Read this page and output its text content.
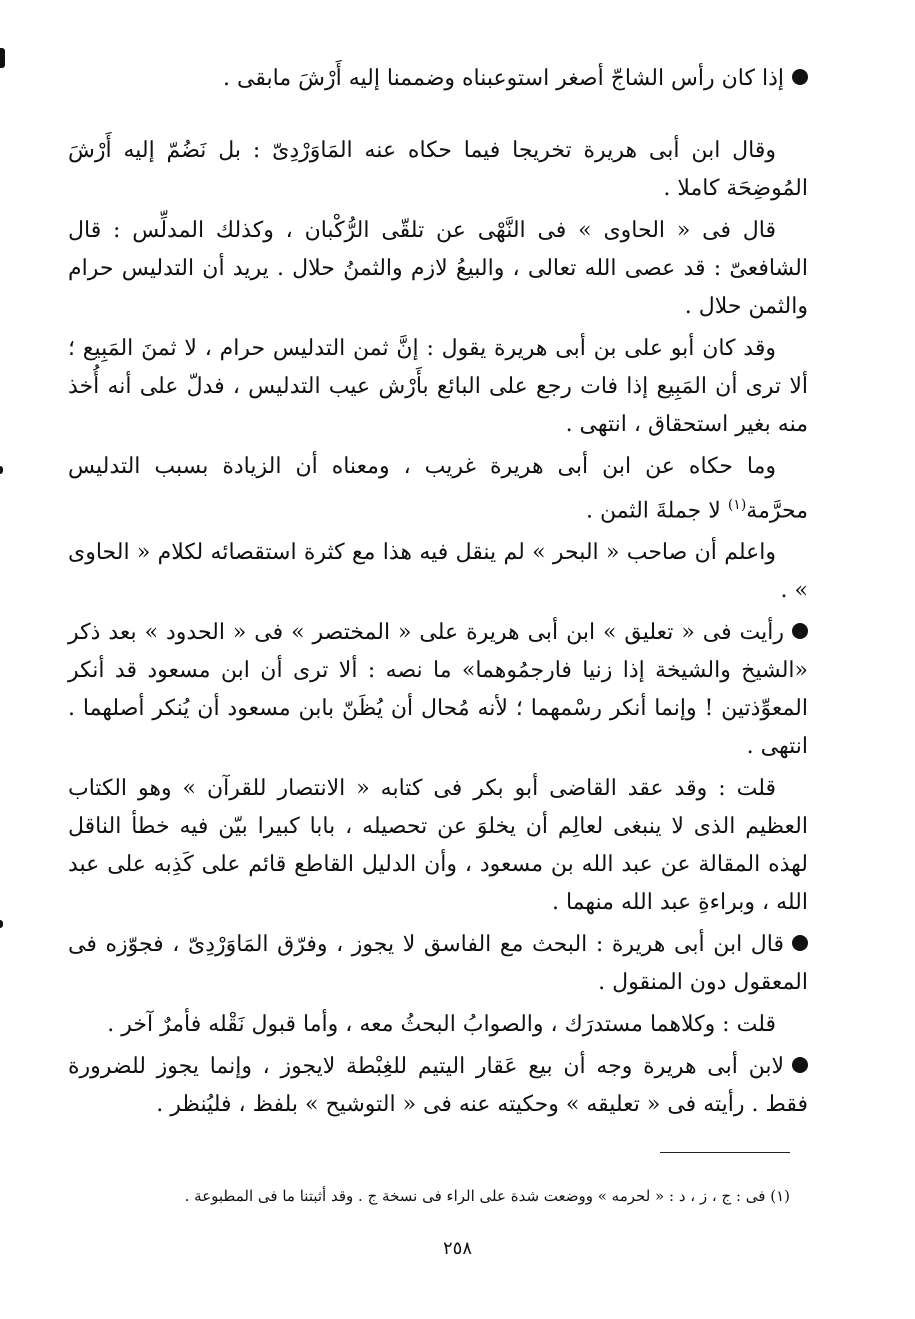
إذا كان رأس الشاجّ أصغر استوعبناه وضممنا إليه أَرْشَ مابقى .

وقال ابن أبى هريرة تخريجا فيما حكاه عنه المَاوَرْدِىّ : بل نَضُمّ إليه أَرْشَ المُوضِحَة كاملا .

قال فى « الحاوى » فى النَّهْى عن تلقّى الرُّكْبان ، وكذلك المدلِّس : قال الشافعىّ : قد عصى الله تعالى ، والبيعُ لازم والثمنُ حلال . يريد أن التدليس حرام والثمن حلال .

وقد كان أبو على بن أبى هريرة يقول : إنَّ ثمن التدليس حرام ، لا ثمنَ المَبِيع ؛ ألا ترى أن المَبِيع إذا فات رجع على البائع بأَرْش عيب التدليس ، فدلّ على أنه أُخذ منه بغير استحقاق ، انتهى .

وما حكاه عن ابن أبى هريرة غريب ، ومعناه أن الزيادة بسبب التدليس محرَّمة$^{(١)}$ لا جملةَ الثمن .

واعلم أن صاحب « البحر » لم ينقل فيه هذا مع كثرة استقصائه لكلام « الحاوى » .

رأيت فى « تعليق » ابن أبى هريرة على « المختصر » فى « الحدود » بعد ذكر «الشيخ والشيخة إذا زنيا فارجمُوهما» ما نصه : ألا ترى أن ابن مسعود قد أنكر المعوِّذتين ! وإنما أنكر رسْمهما ؛ لأنه مُحال أن يُظَنّ بابن مسعود أن يُنكر أصلهما . انتهى .

قلت : وقد عقد القاضى أبو بكر فى كتابه « الانتصار للقرآن » وهو الكتاب العظيم الذى لا ينبغى لعالِم أن يخلوَ عن تحصيله ، بابا كبيرا بيّن فيه خطأ الناقل لهذه المقالة عن عبد الله بن مسعود ، وأن الدليل القاطع قائم على كَذِبه على عبد الله ، وبراءةِ عبد الله منهما .

قال ابن أبى هريرة : البحث مع الفاسق لا يجوز ، وفرّق المَاوَرْدِىّ ، فجوّزه فى المعقول دون المنقول .

قلت : وكلاهما مستدرَك ، والصوابُ البحثُ معه ، وأما قبول نَقْله فأمرٌ آخر .

لابن أبى هريرة وجه أن بيع عَقار اليتيم للغِبْطة لايجوز ، وإنما يجوز للضرورة فقط . رأيته فى « تعليقه » وحكيته عنه فى « التوشيح » بلفظ ، فليُنظر .

(١) فى : ج ، ز ، د : « لحرمه » ووضعت شدة على الراء فى نسخة ج . وقد أثبتنا ما فى المطبوعة .
٢٥٨
